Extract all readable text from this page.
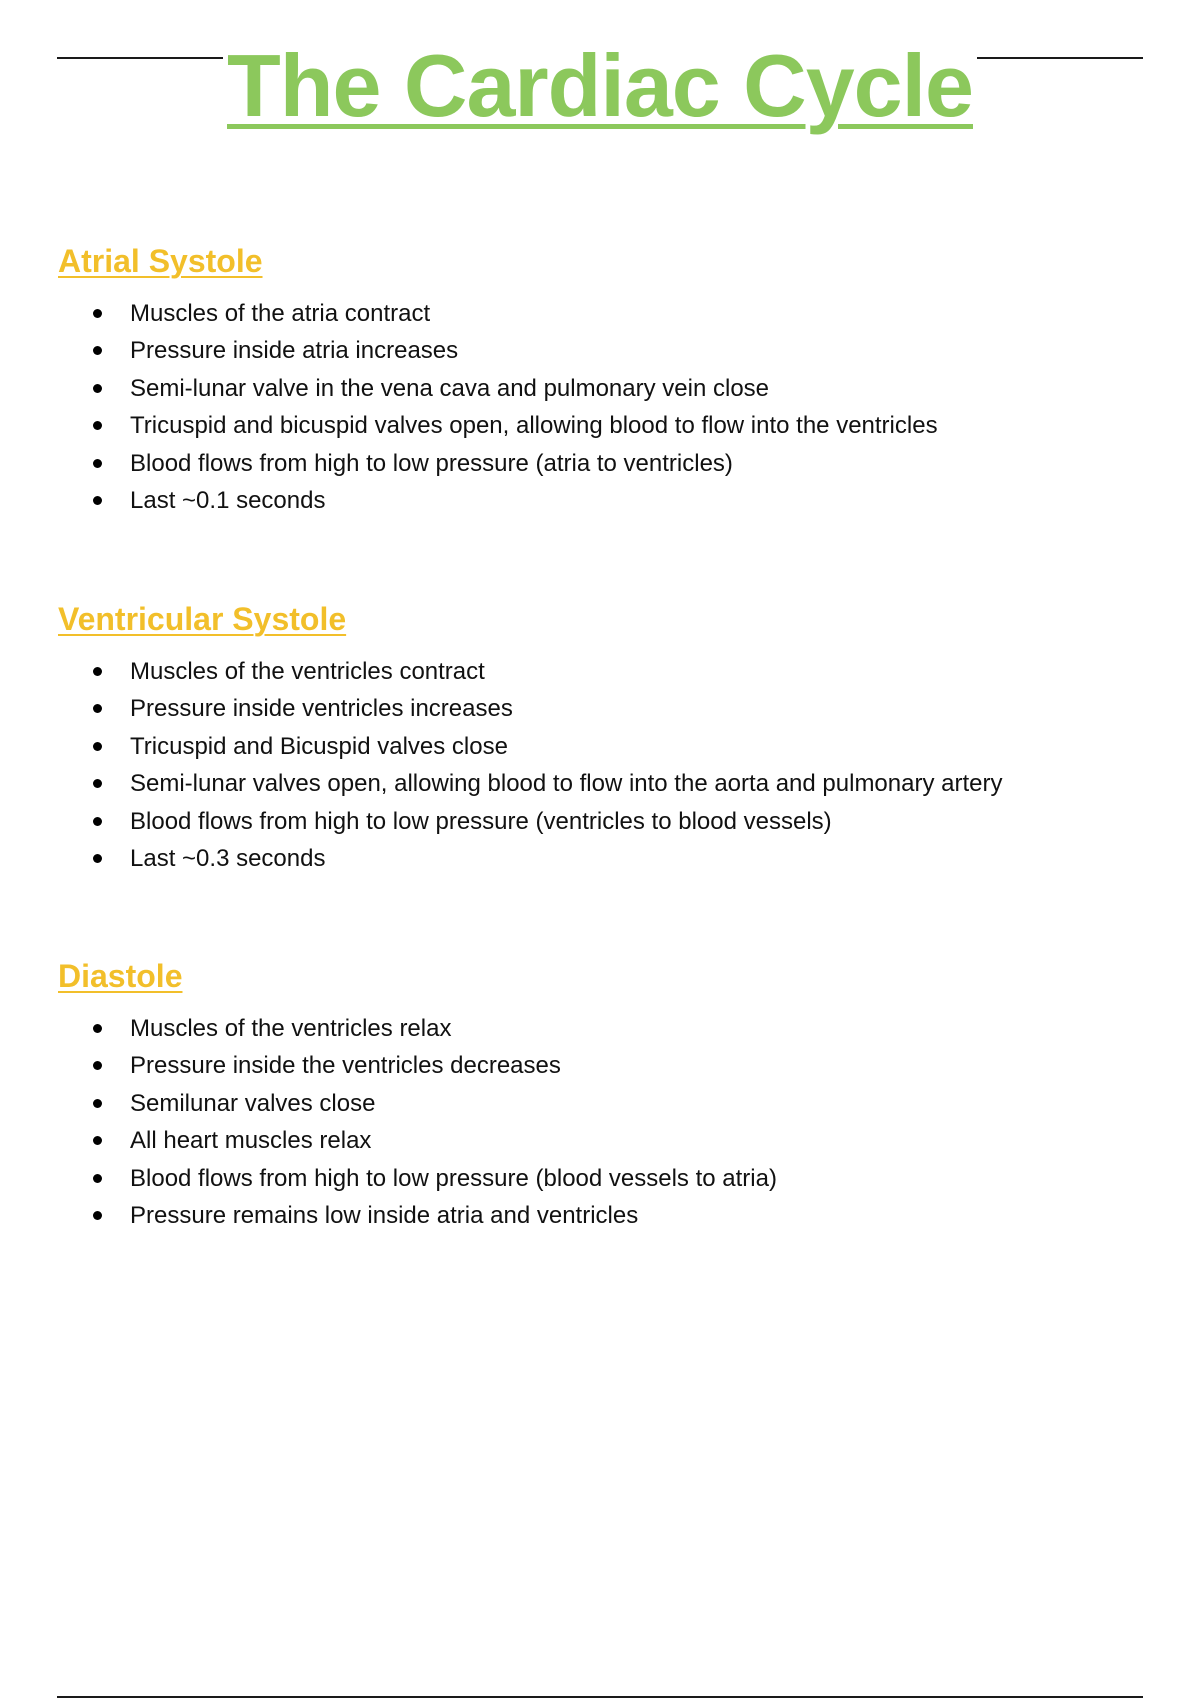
The Cardiac Cycle
Atrial Systole
Muscles of the atria contract
Pressure inside atria increases
Semi-lunar valve in the vena cava and pulmonary vein close
Tricuspid and bicuspid valves open, allowing blood to flow into the ventricles
Blood flows from high to low pressure (atria to ventricles)
Last ~0.1 seconds
Ventricular Systole
Muscles of the ventricles contract
Pressure inside ventricles increases
Tricuspid and Bicuspid valves close
Semi-lunar valves open, allowing blood to flow into the aorta and pulmonary artery
Blood flows from high to low pressure (ventricles to blood vessels)
Last ~0.3 seconds
Diastole
Muscles of the ventricles relax
Pressure inside the ventricles decreases
Semilunar valves close
All heart muscles relax
Blood flows from high to low pressure (blood vessels to atria)
Pressure remains low inside atria and ventricles
